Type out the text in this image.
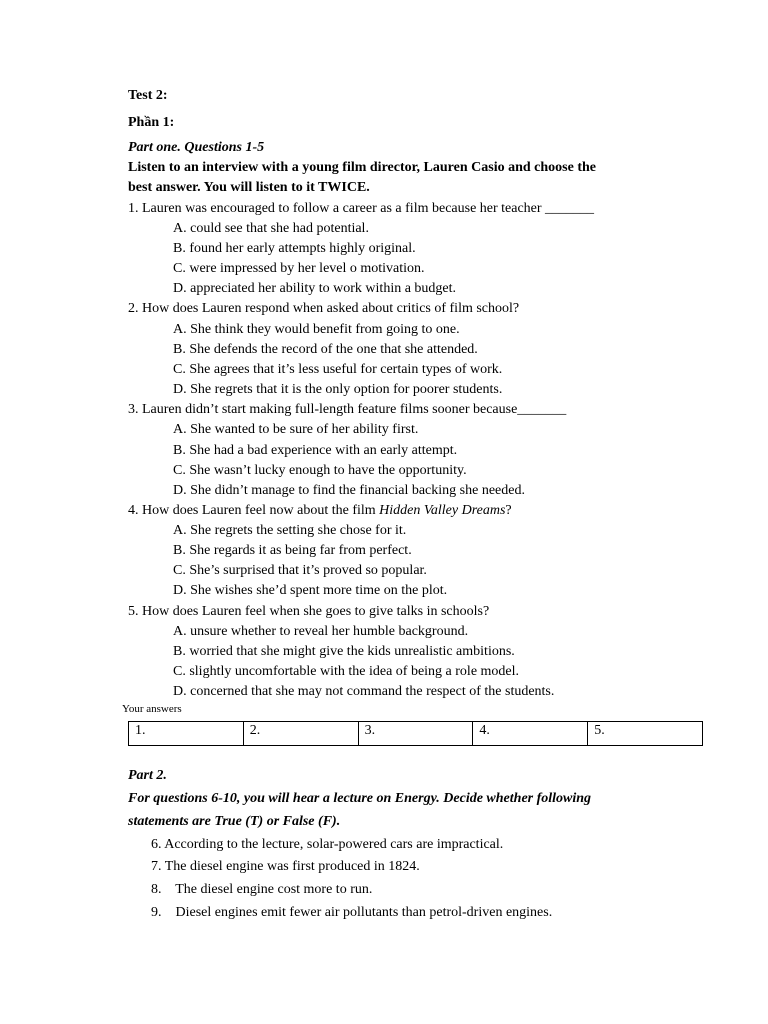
Test 2:
Phần 1:
Part one. Questions 1-5
Listen to an interview with a young film director, Lauren Casio and choose the
best answer. You will listen to it TWICE.
1. Lauren was encouraged to follow a career as a film because her teacher _______
A. could see that she had potential.
B. found her early attempts highly original.
C. were impressed by her level o motivation.
D. appreciated her ability to work within a budget.
2. How does Lauren respond when asked about critics of film school?
A. She think they would benefit from going to one.
B. She defends the record of the one that she attended.
C. She agrees that it’s less useful for certain types of work.
D. She regrets that it is the only option for poorer students.
3. Lauren didn’t start making full-length feature films sooner because_______
A. She wanted to be sure of her ability first.
B. She had a bad experience with an early attempt.
C. She wasn’t lucky enough to have the opportunity.
D. She didn’t manage to find the financial backing she needed.
4. How does Lauren feel now about the film Hidden Valley Dreams?
A. She regrets the setting she chose for it.
B. She regards it as being far from perfect.
C. She’s surprised that it’s proved so popular.
D. She wishes she’d spent more time on the plot.
5. How does Lauren feel when she goes to give talks in schools?
A. unsure whether to reveal her humble background.
B. worried that she might give the kids unrealistic ambitions.
C. slightly uncomfortable with the idea of being a role model.
D. concerned that she may not command the respect of the students.
Your answers
1.	2.	3.	4.	5.
Part 2.
For questions 6-10, you will hear a lecture on Energy. Decide whether following
statements are True (T) or False (F).
6. According to the lecture, solar-powered cars are impractical.
7. The diesel engine was first produced in 1824.
8.    The diesel engine cost more to run.
9.    Diesel engines emit fewer air pollutants than petrol-driven engines.
